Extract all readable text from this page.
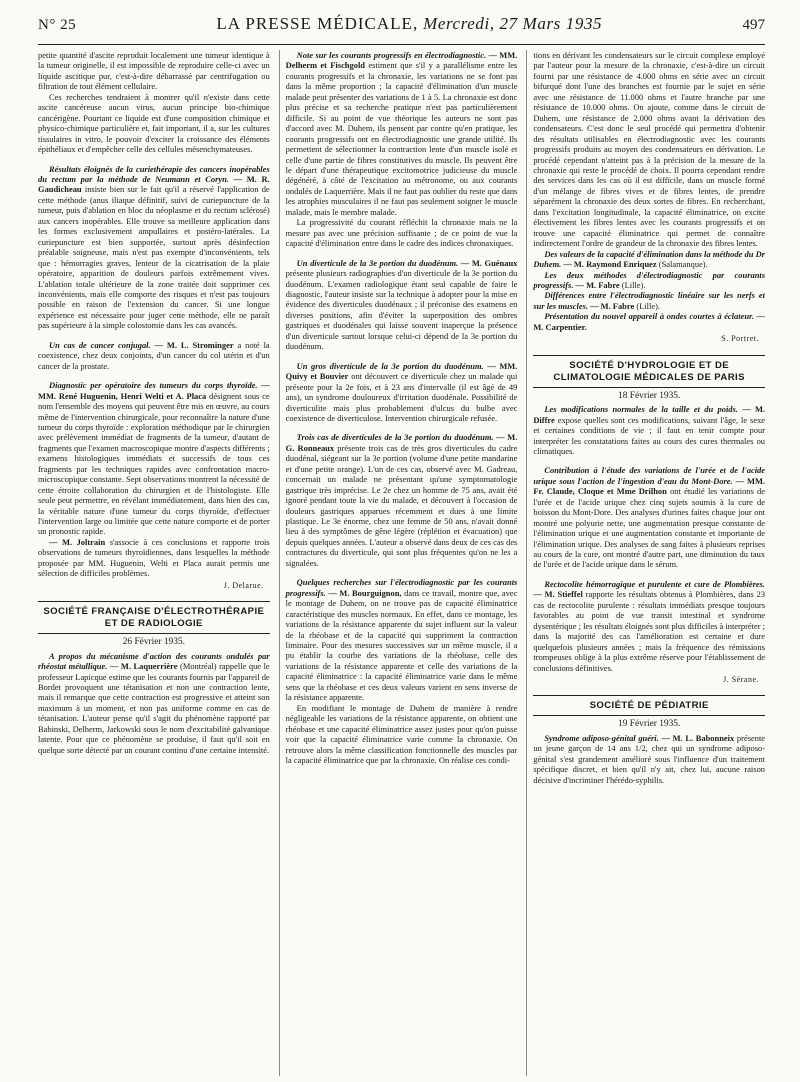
N° 25	LA PRESSE MÉDICALE, Mercredi, 27 Mars 1935	497

petite quantité d'ascite reproduit localement une tumeur identique à la tumeur originelle, il est impossible de reproduire celle-ci avec un liquide ascitique pur, c'est-à-dire débarrassé par centrifugation ou filtration de tout élément cellulaire.

Ces recherches tendraient à montrer qu'il n'existe dans cette ascite cancéreuse aucun virus, aucun principe bio-chimique cancérigène. Pourtant ce liquide est d'une composition chimique et physico-chimique particulière et, fait important, il a, sur les cultures tissulaires in vitro, le pouvoir d'exciter la croissance des éléments épithéliaux et d'empêcher celle des cellules mésenchymateuses.

Résultats éloignés de la curiethérapie des cancers inopérables du rectum par la méthode de Neumann et Coryn. — M. R. Gaudicheau insiste bien sur le fait qu'il a réservé l'application de cette méthode (anus iliaque définitif, suivi de curiepuncture de la tumeur, puis d'ablation en bloc du néoplasme et du rectum sclérosé) aux cancers inopérables. Elle trouve sa meilleure application dans les formes exclusivement ampullaires et postéro-latérales. La curiepuncture est bien supportée, surtout après désinfection préalable soigneuse, mais n'est pas exempte d'inconvénients, tels que : hémorragies graves, lenteur de la cicatrisation de la plaie opératoire, apparition de douleurs parfois extrêmement vives. L'ablation totale ultérieure de la zone traitée doit supprimer ces inconvénients, mais elle comporte des risques et n'est pas toujours possible en raison de l'extension du cancer. Si une longue expérience est nécessaire pour juger cette méthode, elle ne paraît pas supérieure à la simple colostomie dans les cas avancés.

Un cas de cancer conjugal. — M. L. Strominger a noté la coexistence, chez deux conjoints, d'un cancer du col utérin et d'un cancer de la prostate.

Diagnostic per opératoire des tumeurs du corps thyroïde. — MM. René Huguenin, Henri Welti et A. Placa désignent sous ce nom l'ensemble des moyens qui peuvent être mis en œuvre, au cours même de l'intervention chirurgicale, pour reconnaître la nature d'une tumeur du corps thyroïde : exploration méthodique par le chirurgien avec prélèvement immédiat de fragments de la tumeur, d'autant de fragments que l'examen macroscopique montre d'aspects différents ; examens histologiques immédiats et successifs de tous ces fragments par les techniques rapides avec confrontation macro-microscopique constante. Sept observations montrent la nécessité de cette étroite collaboration du chirurgien et de l'histologiste. Elle seule peut permettre, en révélant immédiatement, dans bien des cas, la véritable nature d'une tumeur du corps thyroïde, d'effectuer l'intervention large ou limitée que cette nature comporte et de porter un pronostic rapide.

— M. Joltrain s'associe à ces conclusions et rapporte trois observations de tumeurs thyroïdiennes, dans lesquelles la méthode proposée par MM. Huguenin, Welti et Placa aurait permis une sélection de difficiles problèmes.

J. Delarue.

SOCIÉTÉ FRANÇAISE D'ÉLECTROTHÉRAPIE ET DE RADIOLOGIE

26 Février 1935.

A propos du mécanisme d'action des courants ondulés par rhéostat métallique. — M. Laquerrière (Montréal) rappelle que le professeur Lapicque estime que les courants fournis par l'appareil de Bordet provoquent une tétanisation et non une contraction lente, mais il remarque que cette contraction est progressive et atteint son maximum à un moment, et non pas uniforme comme en cas de tétanisation. L'auteur pense qu'il s'agit du phénomène rapporté par Babinski, Delherm, Jarkowski sous le nom d'excitabilité galvanique latente. Pour que ce phénomène se produise, il faut qu'il soit en quelque sorte détecté par un courant continu d'une certaine intensité.

Note sur les courants progressifs en électrodiagnostic. — MM. Delherm et Fischgold estiment que s'il y a parallélisme entre les courants progressifs et la chronaxie, les variations ne se font pas dans la même proportion ; la capacité d'élimination d'un muscle malade peut présenter des variations de 1 à 5. La chronaxie est donc plus précise et sa recherche pratique n'est pas particulièrement difficile. Si au point de vue théorique les auteurs ne sont pas d'accord avec M. Duhem, ils pensent par contre qu'en pratique, les courants progressifs ont en électrodiagnostic une grande utilité. Ils permettent de sélectionner la contraction lente d'un muscle isolé et celle d'une partie de fibres constitutives du muscle. Ils peuvent être le départ d'une thérapeutique excitomotrice judicieuse du muscle dégénéré, à côté de l'excitation au métronome, ou aux courants ondulés de Laquerrière. Mais il ne faut pas oublier du reste que dans les atrophies musculaires il ne faut pas seulement soigner le muscle malade, mais le membre malade.

La progressivité du courant réfléchit la chronaxie mais ne la mesure pas avec une précision suffisante ; de ce point de vue la capacité d'élimination entre dans le cadre des indices chronaxiques.

Un diverticule de la 3e portion du duodénum. — M. Guénaux présente plusieurs radiographies d'un diverticule de la 3e portion du duodénum. L'examen radiologique étant seul capable de faire le diagnostic, l'auteur insiste sur la technique à adopter pour la mise en évidence des diverticules duodénaux ; il préconise des examens en diverses positions, afin d'éviter la superposition des ombres gastriques et duodénales qui laisse souvent inaperçue la présence d'un diverticule surtout lorsque celui-ci dépend de la 3e portion du duodénum.

Un gros diverticule de la 3e portion du duodénum. — MM. Quivy et Bouvier ont découvert ce diverticule chez un malade qui présente pour la 2e fois, et à 23 ans d'intervalle (il est âgé de 49 ans), un syndrome douloureux d'irritation duodénale. Possibilité de diverticulite mais plus probablement d'ulcus du bulbe avec coexistence de diverticulose. Intervention chirurgicale refusée.

Trois cas de diverticules de la 3e portion du duodénum. — M. G. Ronneaux présente trois cas de très gros diverticules du cadre duodénal, siégeant sur la 3e portion (volume d'une petite mandarine et d'une petite orange). L'un de ces cas, observé avec M. Gadreau, concernait un malade ne présentant qu'une symptomatologie gastrique très imprécise. Le 2e chez un homme de 75 ans, avait été ignoré pendant toute la vie du malade, et découvert à l'occasion de douleurs gastriques apparues récemment et dues à une limite plastique. Le 3e énorme, chez une femme de 50 ans, n'avait donné lieu à des symptômes de gêne légère (réplétion et évacuation) que depuis quelques années. L'auteur a observé dans deux de ces cas des contractures du diverticule, qui sont plus fréquentes qu'on ne les a signalées.

Quelques recherches sur l'électrodiagnostic par les courants progressifs. — M. Bourguignon, dans ce travail, montre que, avec le montage de Duhem, on ne trouve pas de capacité éliminatrice caractéristique des muscles normaux. En effet, dans ce montage, les variations de la résistance apparente du sujet influent sur la valeur de la rhéobase et de la capacité qui suppriment la contraction liminaire. Pour des mesures successives sur un même muscle, il a pu établir la courbe des variations de la rhéobase, celle des variations de la résistance apparente et celle des variations de la capacité éliminatrice : la capacité éliminatrice varie dans le même sens que la rhéobase et ces deux valeurs varient en sens inverse de la résistance apparente.

En modifiant le montage de Duhem de manière à rendre négligeable les variations de la résistance apparente, on obtient une rhéobase et une capacité éliminatrice assez justes pour qu'on puisse voir que la capacité éliminatrice varie comme la chronaxie. On retrouve alors la même classification fonctionnelle des muscles par la capacité éliminatrice que par la chronaxie. On réalise ces condi-

tions en dérivant les condensateurs sur le circuit complexe employé par l'auteur pour la mesure de la chronaxie, c'est-à-dire un circuit fourni par une résistance de 4.000 ohms en série avec un circuit bifurqué dont l'une des branches est fournie par le sujet en série avec une résistance de 11.000 ohms et l'autre branche par une résistance de 10.000 ohms. On ajoute, comme dans le circuit de Duhem, une résistance de 2.000 ohms avant la dérivation des condensateurs. C'est donc le seul procédé qui permettra d'obtenir des résultats utilisables en électrodiagnostic avec les courants progressifs produits au moyen des condensateurs en dérivation. Le procédé cependant n'atteint pas à la précision de la mesure de la chronaxie qui reste le procédé de choix. Il pourra cependant rendre des services dans les cas où il est difficile, dans un muscle formé d'un mélange de fibres vives et de fibres lentes, de prendre séparément la chronaxie des deux sortes de fibres. En recherchant, dans l'excitation longitudinale, la capacité éliminatrice, on excite électivement les fibres lentes avec les courants progressifs et on trouve une capacité éliminatrice qui permet de connaître indirectement l'ordre de grandeur de la chronaxie des fibres lentes.

Des valeurs de la capacité d'élimination dans la méthode du Dr Duhem. — M. Raymond Enriquez (Salamanque).

Les deux méthodes d'électrodiagnostic par courants progressifs. — M. Fabre (Lille).

Différences entre l'électrodiagnostic linéaire sur les nerfs et sur les muscles. — M. Fabre (Lille).

Présentation du nouvel appareil à ondes courtes à éclateur. — M. Carpentier.

S. Portret.

SOCIÉTÉ D'HYDROLOGIE ET DE CLIMATOLOGIE MÉDICALES DE PARIS

18 Février 1935.

Les modifications normales de la taille et du poids. — M. Diffre expose quelles sont ces modifications, suivant l'âge, le sexe et certaines conditions de vie ; il faut en tenir compte pour interpréter les constatations faites au cours des cures thermales ou climatiques.

Contribution à l'étude des variations de l'urée et de l'acide urique sous l'action de l'ingestion d'eau du Mont-Dore. — MM. Fr. Claude, Cloque et Mme Drilhon ont étudié les variations de l'urée et de l'acide urique chez cinq sujets soumis à la cure de boisson du Mont-Dore. Des analyses d'urines faites chaque jour ont montré une polyurie nette, une augmentation presque constante de l'élimination urique et une augmentation constante et importante de l'élimination urique. Des analyses de sang faites à plusieurs reprises au cours de la cure, ont montré d'autre part, une diminution du taux de l'urée et de l'acide urique dans le sérum.

Rectocolite hémorragique et purulente et cure de Plombières. — M. Stieffel rapporte les résultats obtenus à Plombières, dans 23 cas de rectocolite purulente : résultats immédiats presque toujours favorables au point de vue transit intestinal et syndrome dysentérique ; les résultats éloignés sont plus difficiles à interpréter ; dans la majorité des cas l'amélioration est certaine et dure quelquefois plusieurs années ; mais la fréquence des rémissions trompeuses oblige à la plus extrême réserve pour l'établissement de conclusions définitives.

J. Sérane.

SOCIÉTÉ DE PÉDIATRIE

19 Février 1935.

Syndrome adiposo-génital guéri. — M. L. Babonneix présente un jeune garçon de 14 ans 1/2, chez qui un syndrome adiposo-génital s'est grandement amélioré sous l'influence d'un traitement spécifique discret, et bien qu'il n'y ait, chez lui, aucune raison décisive d'incriminer l'hérédo-syphilis.
